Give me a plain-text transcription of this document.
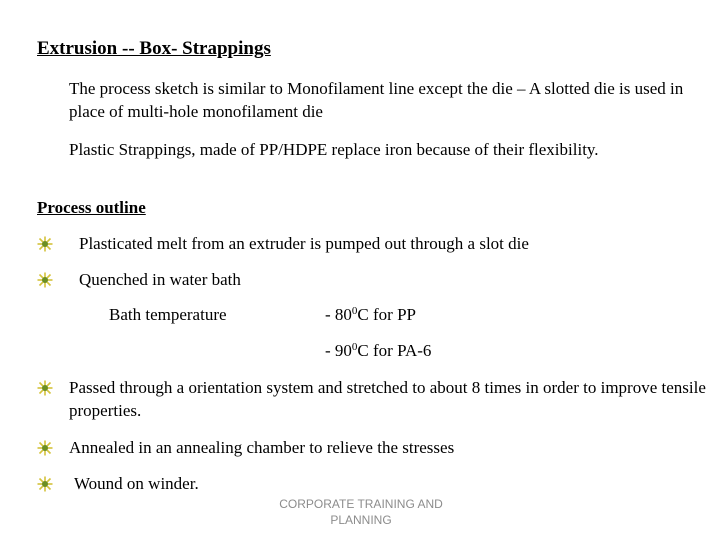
Extrusion -- Box- Strappings
The process sketch is similar to Monofilament line except the die – A slotted die is used in place of multi-hole monofilament die
Plastic Strappings, made of PP/HDPE replace iron because of their flexibility.
Process outline
Plasticated melt from an extruder is pumped out through a slot die
Quenched in water bath
Bath temperature	- $80^0C$ for PP
- $90^0C$ for PA-6
Passed through a orientation system and stretched to about 8 times in order to improve tensile properties.
Annealed in an annealing chamber to relieve the stresses
Wound on winder.
CORPORATE TRAINING AND PLANNING
